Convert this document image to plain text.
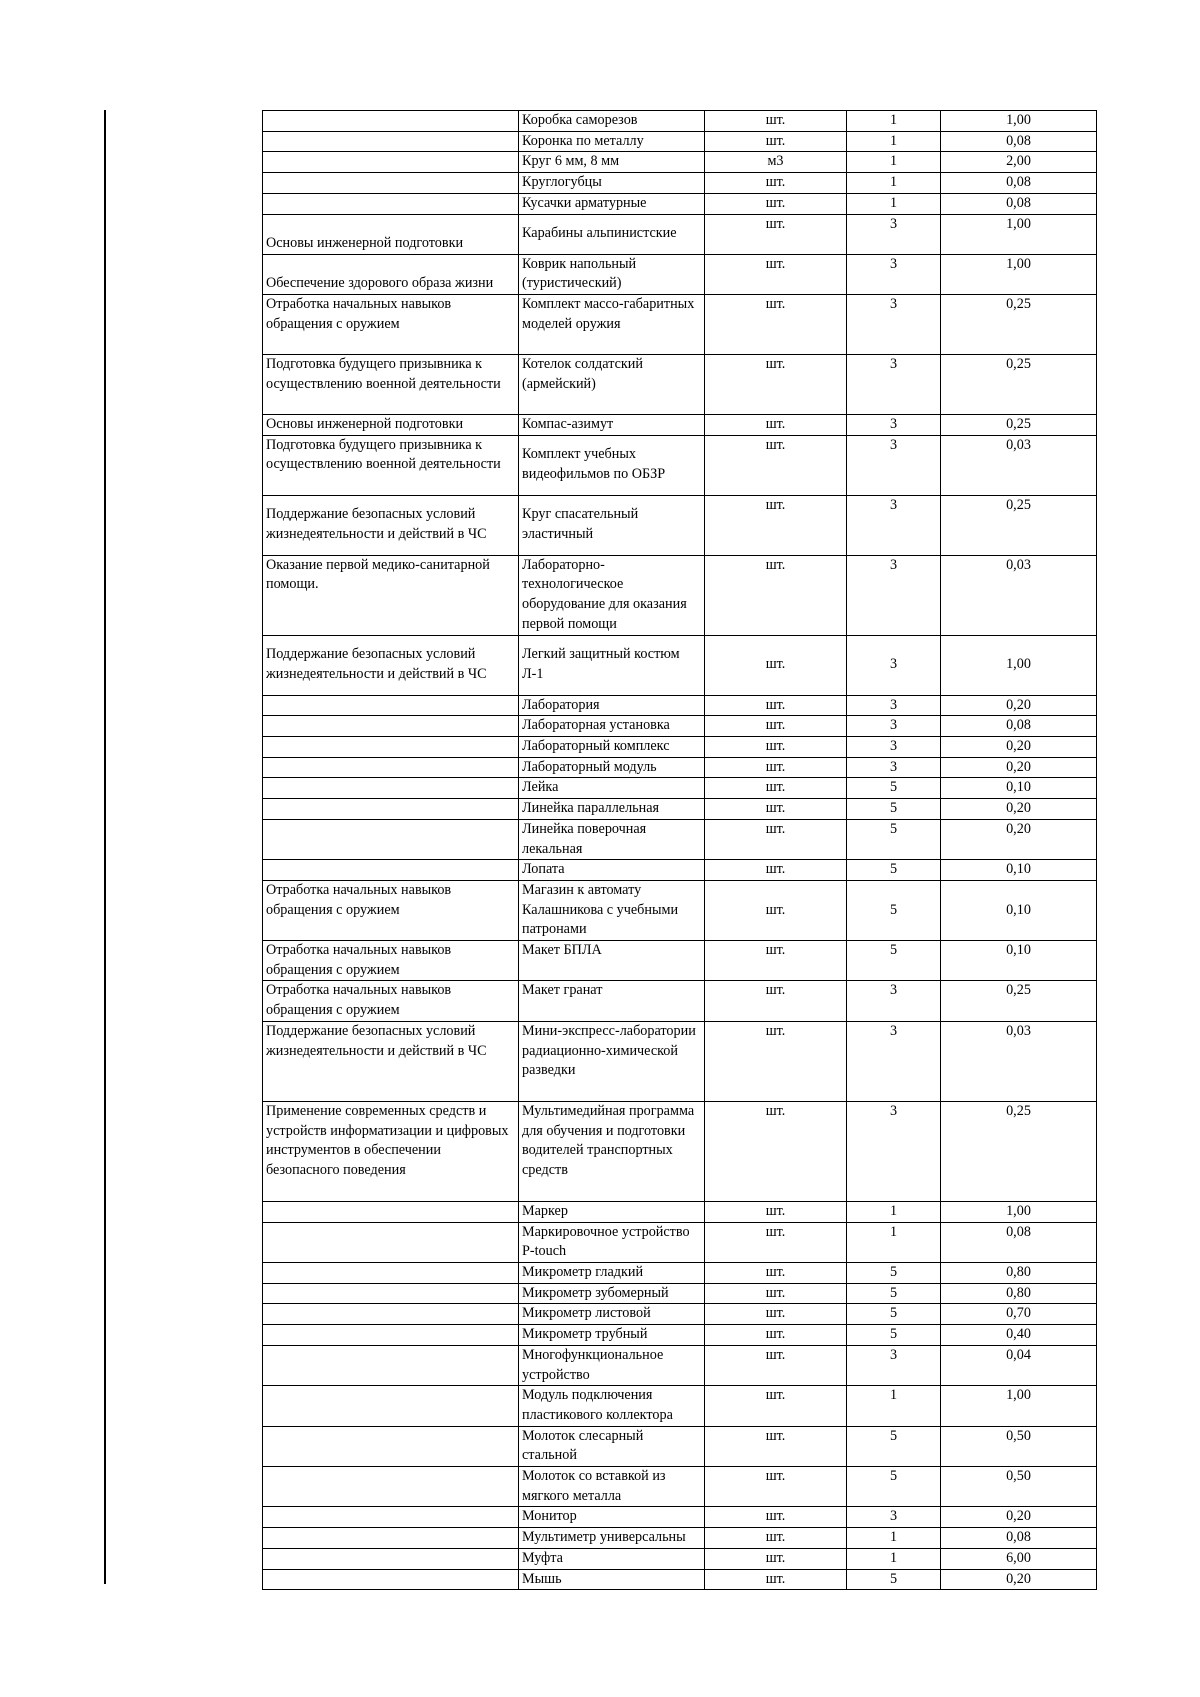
	Коробка саморезов	шт.	1	1,00
	Коронка по металлу	шт.	1	0,08
	Круг 6 мм, 8 мм	м3	1	2,00
	Круглогубцы	шт.	1	0,08
	Кусачки арматурные	шт.	1	0,08
Основы инженерной подготовки	Карабины альпинистские	шт.	3	1,00
Обеспечение здорового образа жизни	Коврик напольный (туристический)	шт.	3	1,00
Отработка начальных навыков обращения с оружием	Комплект массо-габаритных моделей оружия	шт.	3	0,25
Подготовка будущего призывника к осуществлению военной деятельности	Котелок солдатский (армейский)	шт.	3	0,25
Основы инженерной подготовки	Компас-азимут	шт.	3	0,25
Подготовка будущего призывника к осуществлению военной деятельности	Комплект учебных видеофильмов по ОБЗР	шт.	3	0,03
Поддержание безопасных условий жизнедеятельности и действий в ЧС	Круг спасательный эластичный	шт.	3	0,25
Оказание первой медико-санитарной помощи.	Лабораторно-технологическое оборудование для оказания первой помощи	шт.	3	0,03
Поддержание безопасных условий жизнедеятельности и действий в ЧС	Легкий защитный костюм Л-1	шт.	3	1,00
	Лаборатория	шт.	3	0,20
	Лабораторная установка	шт.	3	0,08
	Лабораторный комплекс	шт.	3	0,20
	Лабораторный модуль	шт.	3	0,20
	Лейка	шт.	5	0,10
	Линейка параллельная	шт.	5	0,20
	Линейка поверочная лекальная	шт.	5	0,20
	Лопата	шт.	5	0,10
Отработка начальных навыков обращения с оружием	Магазин к автомату Калашникова с учебными патронами	шт.	5	0,10
Отработка начальных навыков обращения с оружием	Макет БПЛА	шт.	5	0,10
Отработка начальных навыков обращения с оружием	Макет гранат	шт.	3	0,25
Поддержание безопасных условий жизнедеятельности и действий в ЧС	Мини-экспресс-лаборатории радиационно-химической разведки	шт.	3	0,03
Применение современных средств и устройств информатизации и цифровых инструментов в обеспечении безопасного поведения	Мультимедийная программа для обучения и подготовки водителей транспортных средств	шт.	3	0,25
	Маркер	шт.	1	1,00
	Маркировочное устройство P-touch	шт.	1	0,08
	Микрометр гладкий	шт.	5	0,80
	Микрометр зубомерный	шт.	5	0,80
	Микрометр листовой	шт.	5	0,70
	Микрометр трубный	шт.	5	0,40
	Многофункциональное устройство	шт.	3	0,04
	Модуль подключения пластикового коллектора	шт.	1	1,00
	Молоток слесарный стальной	шт.	5	0,50
	Молоток со вставкой из мягкого металла	шт.	5	0,50
	Монитор	шт.	3	0,20
	Мультиметр универсальны	шт.	1	0,08
	Муфта	шт.	1	6,00
	Мышь	шт.	5	0,20
